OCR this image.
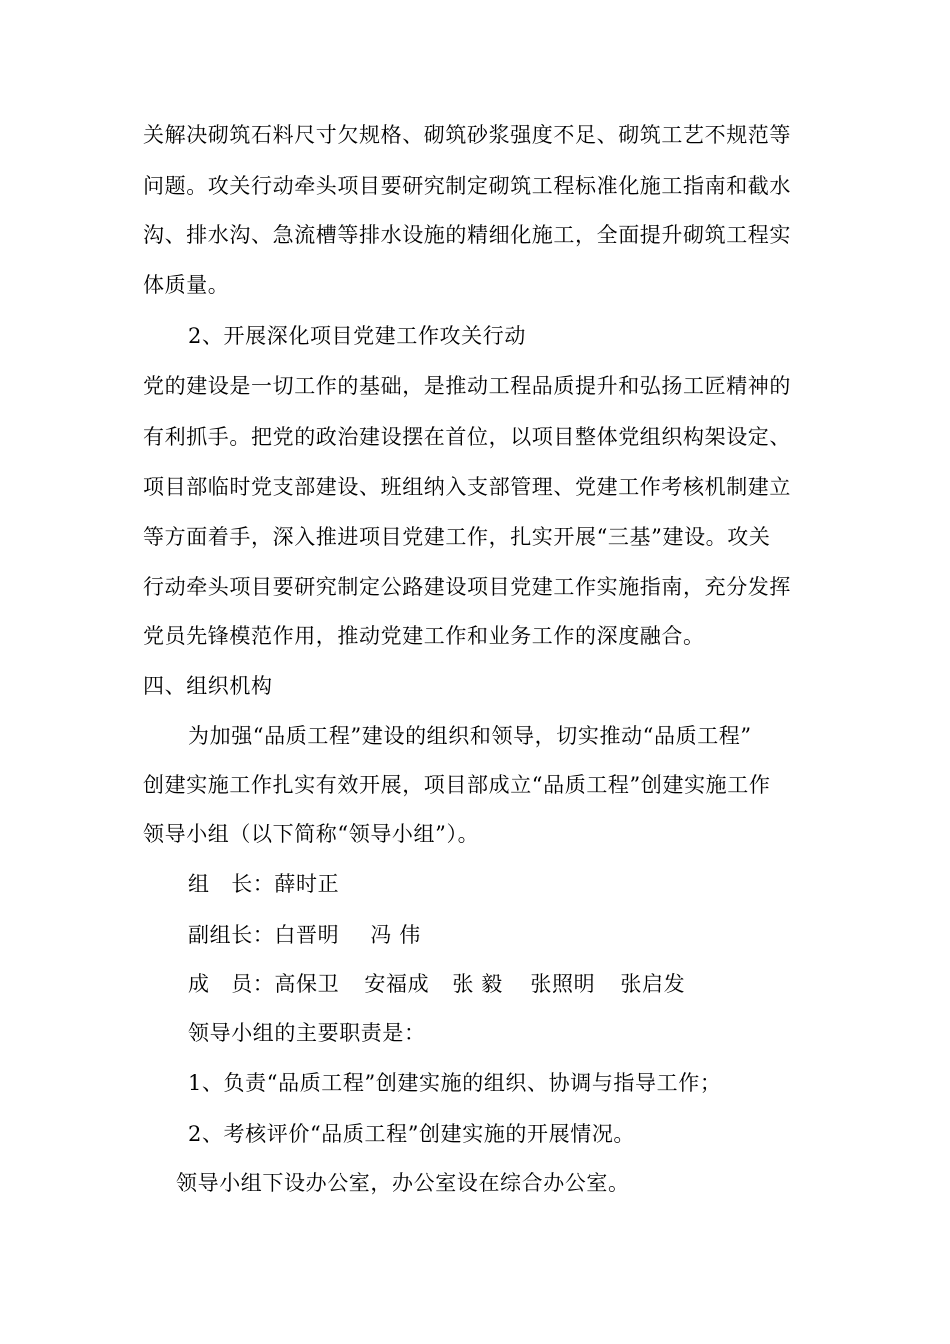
关解决砌筑石料尺寸欠规格、砌筑砂浆强度不足、砌筑工艺不规范等
问题。攻关行动牵头项目要研究制定砌筑工程标准化施工指南和截水
沟、排水沟、急流槽等排水设施的精细化施工，全面提升砌筑工程实
体质量。
2、开展深化项目党建工作攻关行动
党的建设是一切工作的基础，是推动工程品质提升和弘扬工匠精神的
有利抓手。把党的政治建设摆在首位，以项目整体党组织构架设定、
项目部临时党支部建设、班组纳入支部管理、党建工作考核机制建立
等方面着手，深入推进项目党建工作，扎实开展“三基”建设。攻关
行动牵头项目要研究制定公路建设项目党建工作实施指南，充分发挥
党员先锋模范作用，推动党建工作和业务工作的深度融合。
四、组织机构
为加强“品质工程”建设的组织和领导，切实推动“品质工程”
创建实施工作扎实有效开展，项目部成立“品质工程”创建实施工作
领导小组（以下简称“领导小组”）。
组　长：薛时正
副组长：白晋明 冯 伟
成　员：高保卫 安福成 张 毅 张照明 张启发
领导小组的主要职责是：
1、负责“品质工程”创建实施的组织、协调与指导工作；
2、考核评价“品质工程”创建实施的开展情况。
领导小组下设办公室，办公室设在综合办公室。
